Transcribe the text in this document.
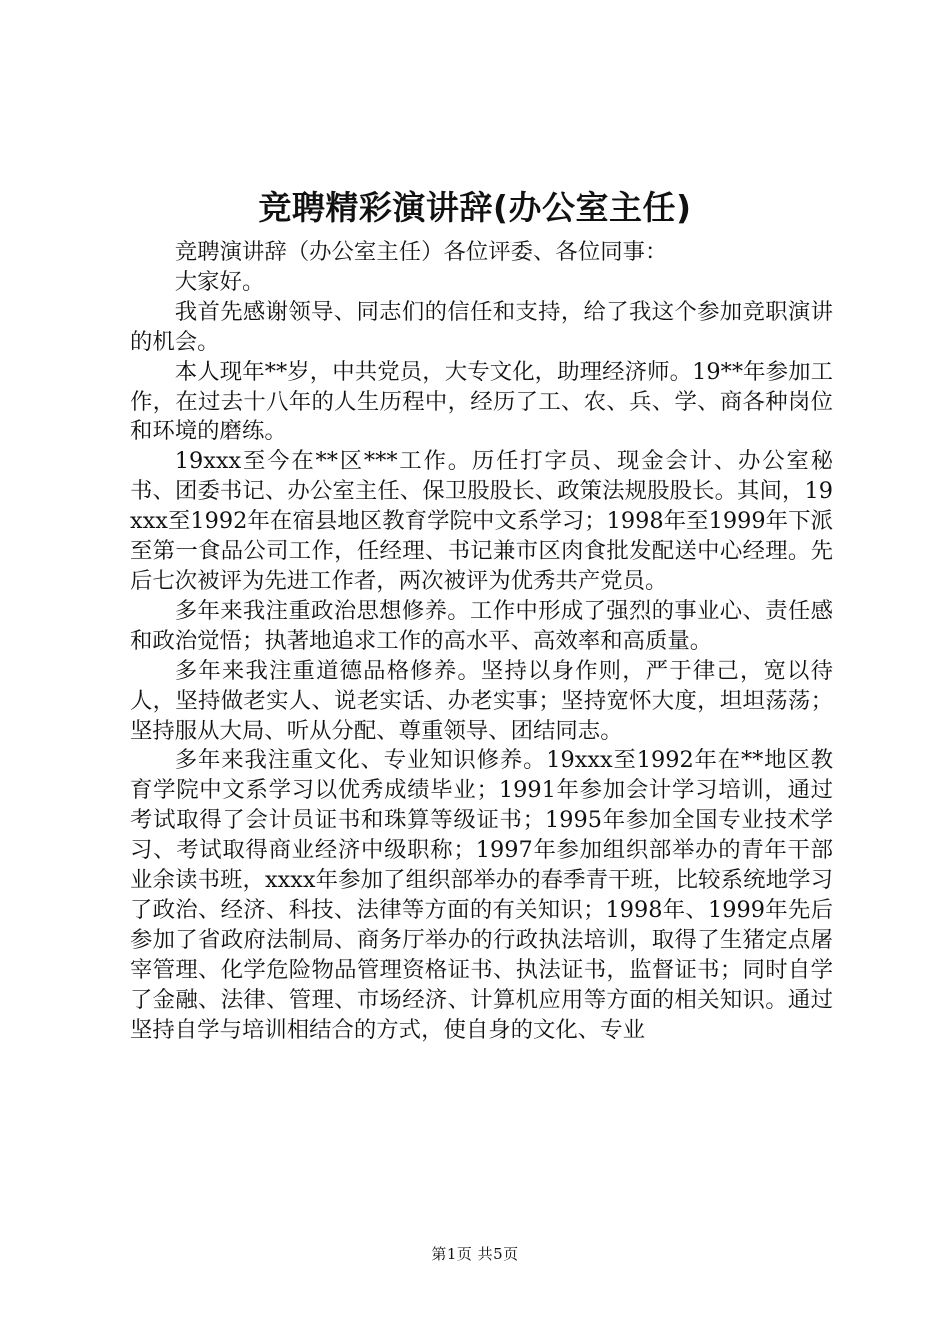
竞聘精彩演讲辞(办公室主任)

竞聘演讲辞（办公室主任）各位评委、各位同事：

大家好。

我首先感谢领导、同志们的信任和支持，给了我这个参加竞职演讲的机会。

本人现年**岁，中共党员，大专文化，助理经济师。19**年参加工作，在过去十八年的人生历程中，经历了工、农、兵、学、商各种岗位和环境的磨练。

19xxx至今在**区***工作。历任打字员、现金会计、办公室秘书、团委书记、办公室主任、保卫股股长、政策法规股股长。其间，19xxx至1992年在宿县地区教育学院中文系学习；1998年至1999年下派至第一食品公司工作，任经理、书记兼市区肉食批发配送中心经理。先后七次被评为先进工作者，两次被评为优秀共产党员。

多年来我注重政治思想修养。工作中形成了强烈的事业心、责任感和政治觉悟；执著地追求工作的高水平、高效率和高质量。

多年来我注重道德品格修养。坚持以身作则，严于律己，宽以待人，坚持做老实人、说老实话、办老实事；坚持宽怀大度，坦坦荡荡；坚持服从大局、听从分配、尊重领导、团结同志。

多年来我注重文化、专业知识修养。19xxx至1992年在**地区教育学院中文系学习以优秀成绩毕业；1991年参加会计学习培训，通过考试取得了会计员证书和珠算等级证书；1995年参加全国专业技术学习、考试取得商业经济中级职称；1997年参加组织部举办的青年干部业余读书班，xxxx年参加了组织部举办的春季青干班，比较系统地学习了政治、经济、科技、法律等方面的有关知识；1998年、1999年先后参加了省政府法制局、商务厅举办的行政执法培训，取得了生猪定点屠宰管理、化学危险物品管理资格证书、执法证书，监督证书；同时自学了金融、法律、管理、市场经济、计算机应用等方面的相关知识。通过坚持自学与培训相结合的方式，使自身的文化、专业

第1页 共5页
